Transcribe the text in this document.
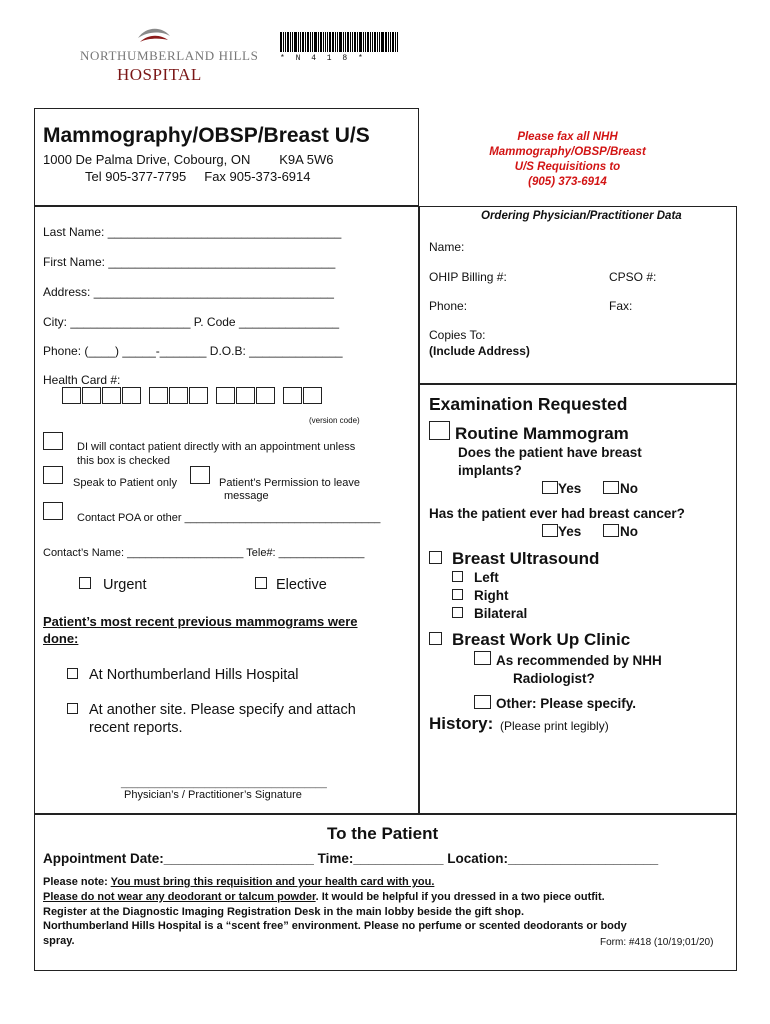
NORTHUMBERLAND HILLS
HOSPITAL
* N 4 1 8 *
Mammography/OBSP/Breast U/S
1000 De Palma Drive, Cobourg, ON        K9A 5W6
Tel 905-377-7795     Fax 905-373-6914
Please fax all NHH
Mammography/OBSP/Breast
U/S Requisitions to
(905) 373-6914
Last Name: ___________________________________
First Name: __________________________________
Address: ____________________________________
City: __________________ P. Code _______________
Phone: (____) _____-_______ D.O.B: ______________
Health Card #:
(version code)
DI will contact patient directly with an appointment unless
this box is checked
Speak to Patient only	Patient’s Permission to leave
message
Contact POA or other ________________________________
Contact’s Name: ___________________ Tele#: ______________
Urgent	Elective
Patient’s most recent previous mammograms were
done:
At Northumberland Hills Hospital
At another site. Please specify and attach
recent reports.
_____________________________________
Physician’s / Practitioner’s Signature
Ordering Physician/Practitioner Data
Name:
OHIP Billing #:	CPSO #:
Phone:	Fax:
Copies To:
(Include Address)
Examination Requested
Routine Mammogram
Does the patient have breast
implants?
Yes	No
Has the patient ever had breast cancer?
Yes	No
Breast Ultrasound
Left
Right
Bilateral
Breast Work Up Clinic
As recommended by NHH
Radiologist?
Other: Please specify.
History: (Please print legibly)
To the Patient
Appointment Date:____________________ Time:____________ Location:____________________
Please note: You must bring this requisition and your health card with you.
Please do not wear any deodorant or talcum powder. It would be helpful if you dressed in a two piece outfit.
Register at the Diagnostic Imaging Registration Desk in the main lobby beside the gift shop.
Northumberland Hills Hospital is a “scent free” environment. Please no perfume or scented deodorants or body
spray.	Form: #418 (10/19;01/20)
